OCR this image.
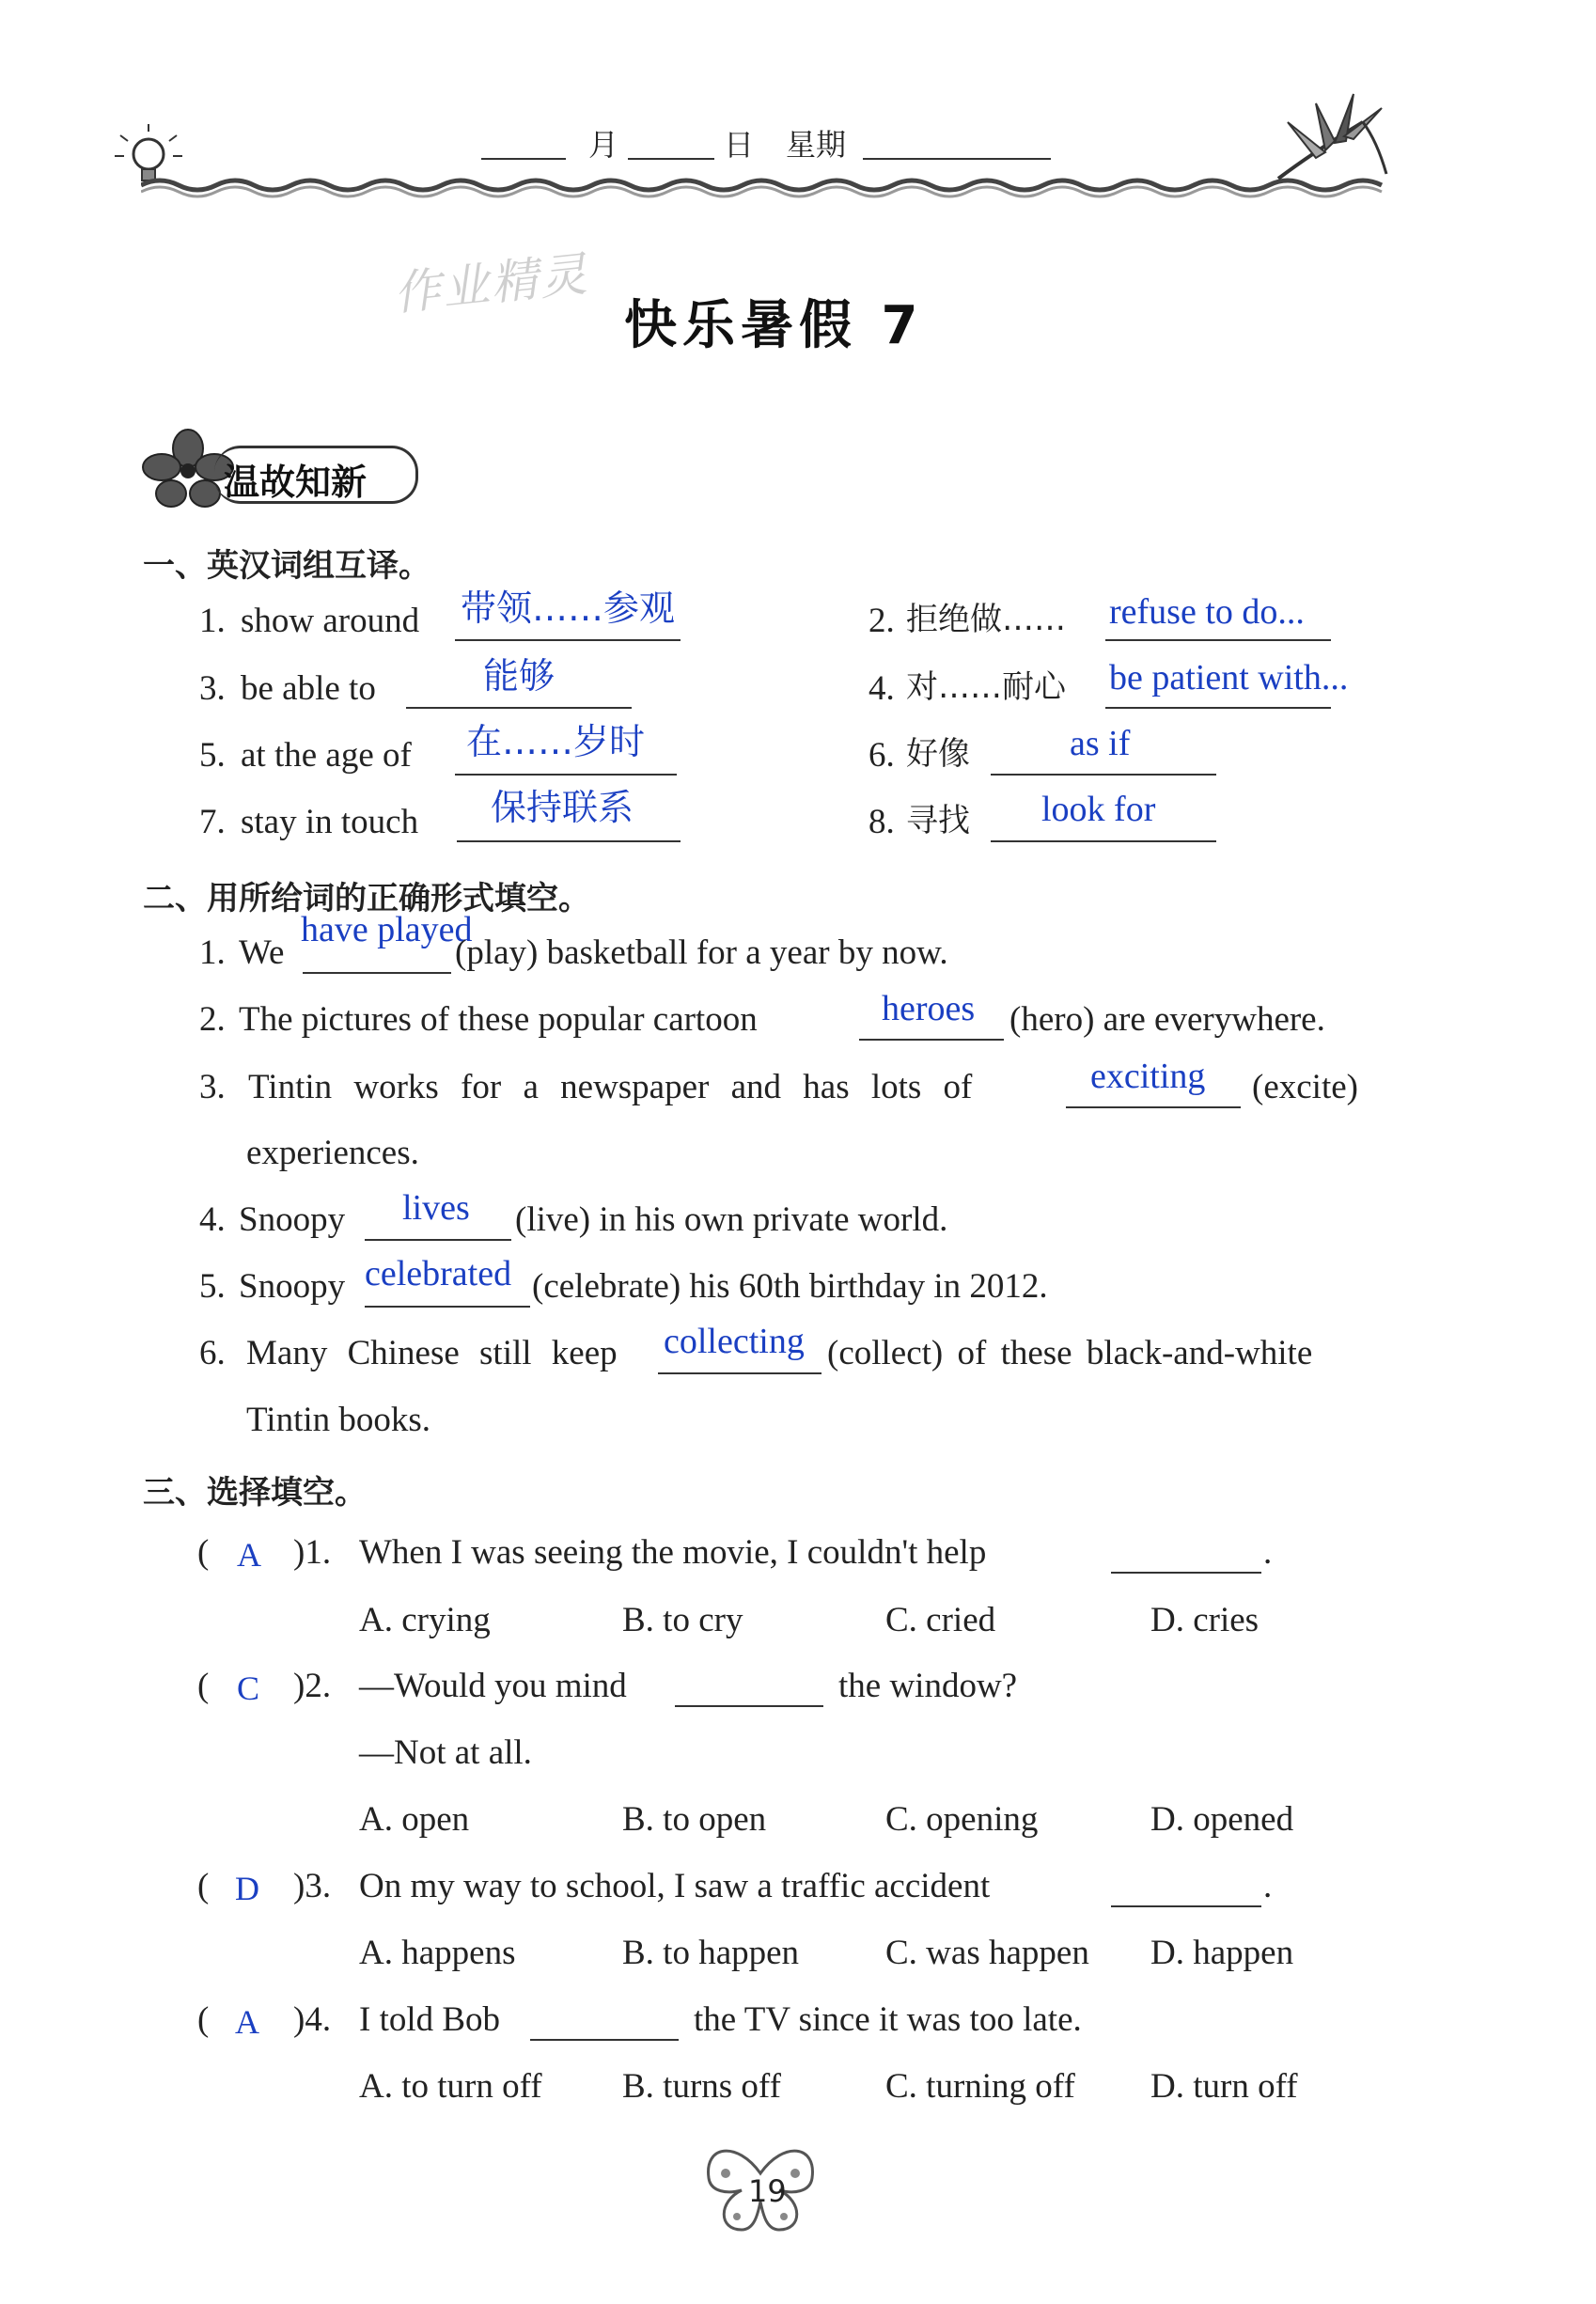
月	日 星期
作业精灵
快乐暑假 7
温故知新
一、英汉词组互译。
1. show around 带领……参观	2. 拒绝做…… refuse to do...
3. be able to	能够	4. 对……耐心 be patient with...
5. at the age of 在……岁时	6. 好像	as if
7. stay in touch 保持联系	8. 寻找 look for
二、用所给词的正确形式填空。
1. We
have played
(play) basketball for a year by now.
2. The pictures of these popular cartoon	heroes (hero) are everywhere.
3. Tintin works for a newspaper and has lots of	exciting (excite)
experiences.
4. Snoopy lives (live) in his own private world.
5. Snoopy celebrated (celebrate) his 60th birthday in 2012.
6. Many Chinese still keep collecting (collect) of these black-and-white
Tintin books.
三、选择填空。
( A )1. When I was seeing the movie, I couldn't help	.
A. crying	B. to cry	C. cried	D. cries
( C )2. —Would you mind	the window?
—Not at all.
A. open	B. to open	C. opening	D. opened
( D )3. On my way to school, I saw a traffic accident	.
A. happens	B. to happen C. was happen D. happen
( A )4. I told Bob	the TV since it was too late.
A. to turn off B. turns off	C. turning off D. turn off
19
